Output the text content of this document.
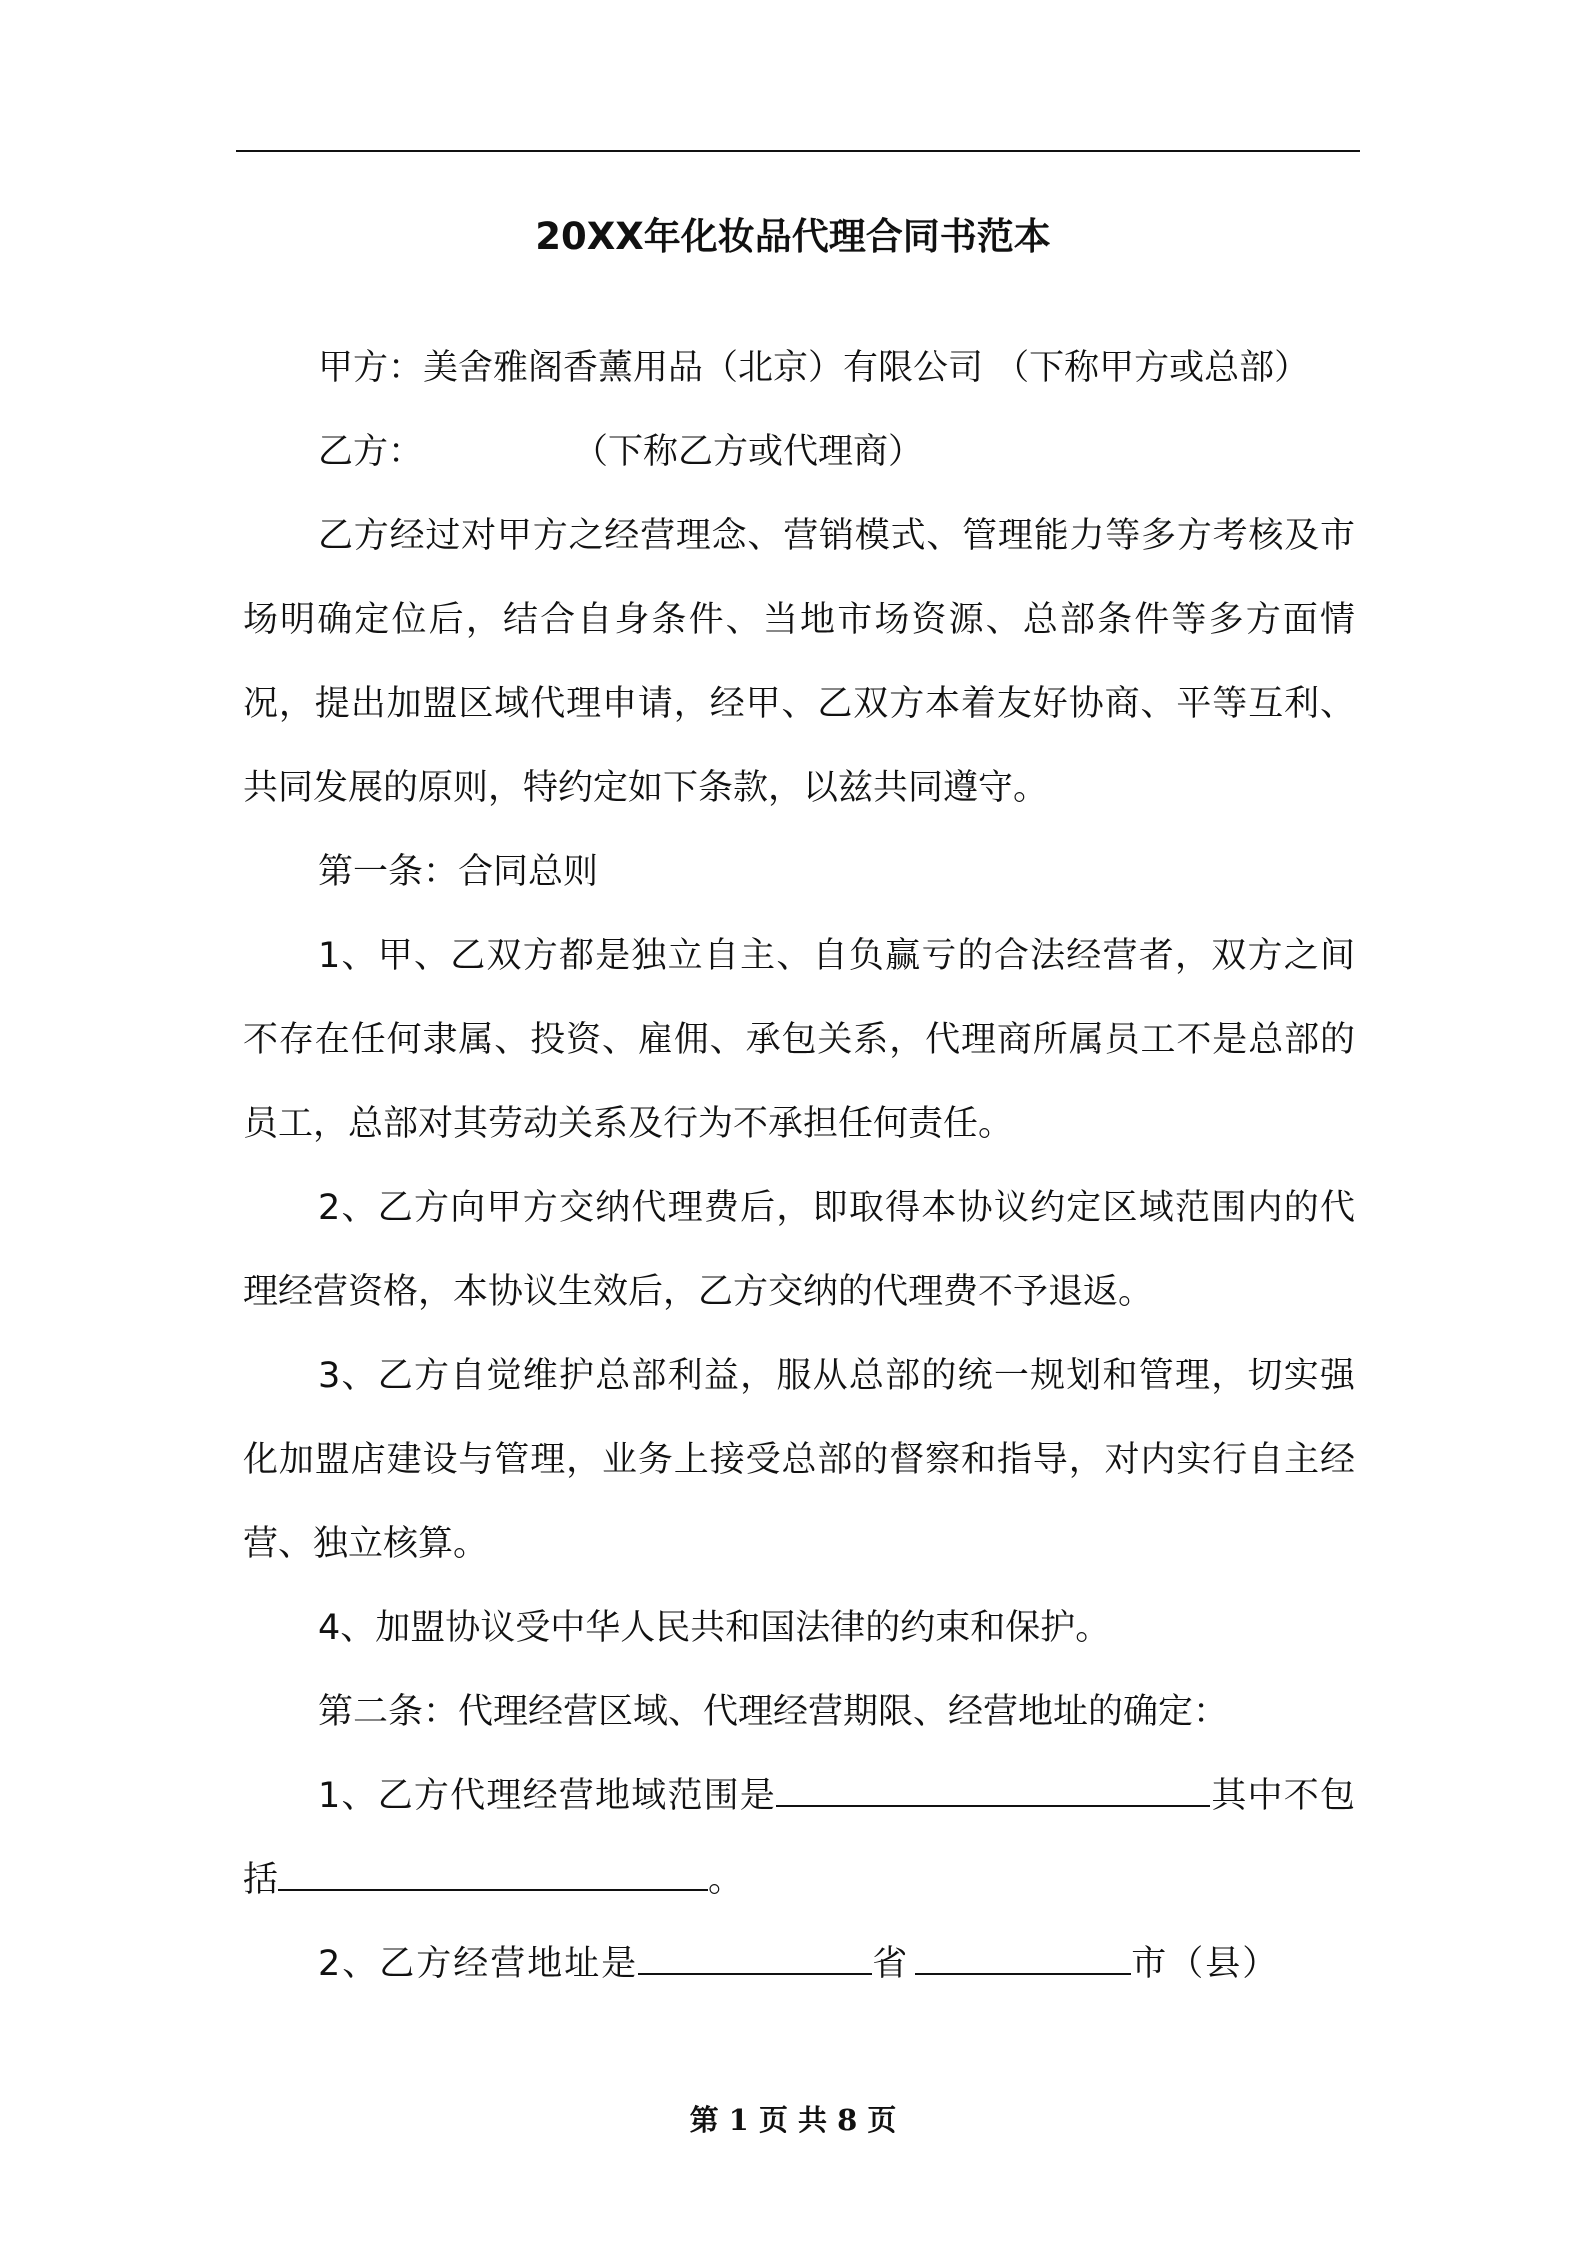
20XX年化妆品代理合同书范本

甲方：美舍雅阁香薰用品（北京）有限公司 （下称甲方或总部）

乙方：	（下称乙方或代理商）

乙方经过对甲方之经营理念、营销模式、管理能力等多方考核及市场明确定位后，结合自身条件、当地市场资源、总部条件等多方面情况，提出加盟区域代理申请，经甲、乙双方本着友好协商、平等互利、共同发展的原则，特约定如下条款，以兹共同遵守。

第一条：合同总则

1、甲、乙双方都是独立自主、自负赢亏的合法经营者，双方之间不存在任何隶属、投资、雇佣、承包关系，代理商所属员工不是总部的员工，总部对其劳动关系及行为不承担任何责任。

2、乙方向甲方交纳代理费后，即取得本协议约定区域范围内的代理经营资格，本协议生效后，乙方交纳的代理费不予退返。

3、乙方自觉维护总部利益，服从总部的统一规划和管理，切实强化加盟店建设与管理，业务上接受总部的督察和指导，对内实行自主经营、独立核算。

4、加盟协议受中华人民共和国法律的约束和保护。

第二条：代理经营区域、代理经营期限、经营地址的确定：

1、乙方代理经营地域范围是	其中不包括	。

2、乙方经营地址是	省	市（县）

第 1 页 共 8 页
